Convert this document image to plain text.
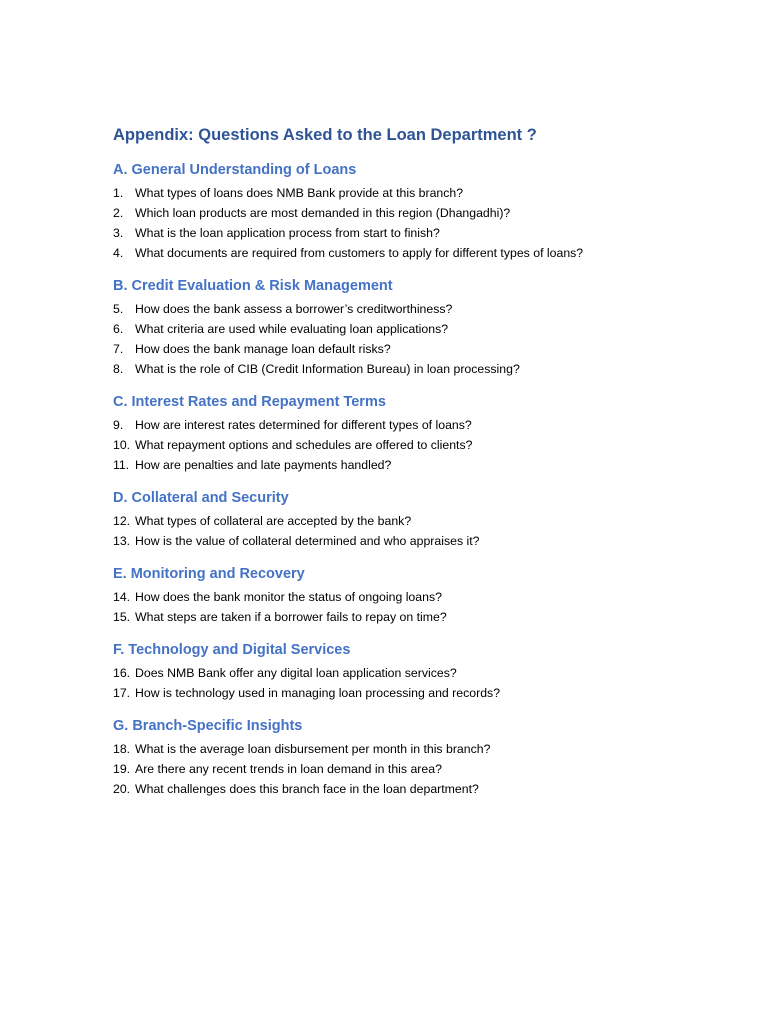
Appendix: Questions Asked to the Loan Department ?
A. General Understanding of Loans
1. What types of loans does NMB Bank provide at this branch?
2. Which loan products are most demanded in this region (Dhangadhi)?
3. What is the loan application process from start to finish?
4. What documents are required from customers to apply for different types of loans?
B. Credit Evaluation & Risk Management
5. How does the bank assess a borrower’s creditworthiness?
6. What criteria are used while evaluating loan applications?
7. How does the bank manage loan default risks?
8. What is the role of CIB (Credit Information Bureau) in loan processing?
C. Interest Rates and Repayment Terms
9. How are interest rates determined for different types of loans?
10. What repayment options and schedules are offered to clients?
11. How are penalties and late payments handled?
D. Collateral and Security
12. What types of collateral are accepted by the bank?
13. How is the value of collateral determined and who appraises it?
E. Monitoring and Recovery
14. How does the bank monitor the status of ongoing loans?
15. What steps are taken if a borrower fails to repay on time?
F. Technology and Digital Services
16. Does NMB Bank offer any digital loan application services?
17. How is technology used in managing loan processing and records?
G. Branch-Specific Insights
18. What is the average loan disbursement per month in this branch?
19. Are there any recent trends in loan demand in this area?
20. What challenges does this branch face in the loan department?
